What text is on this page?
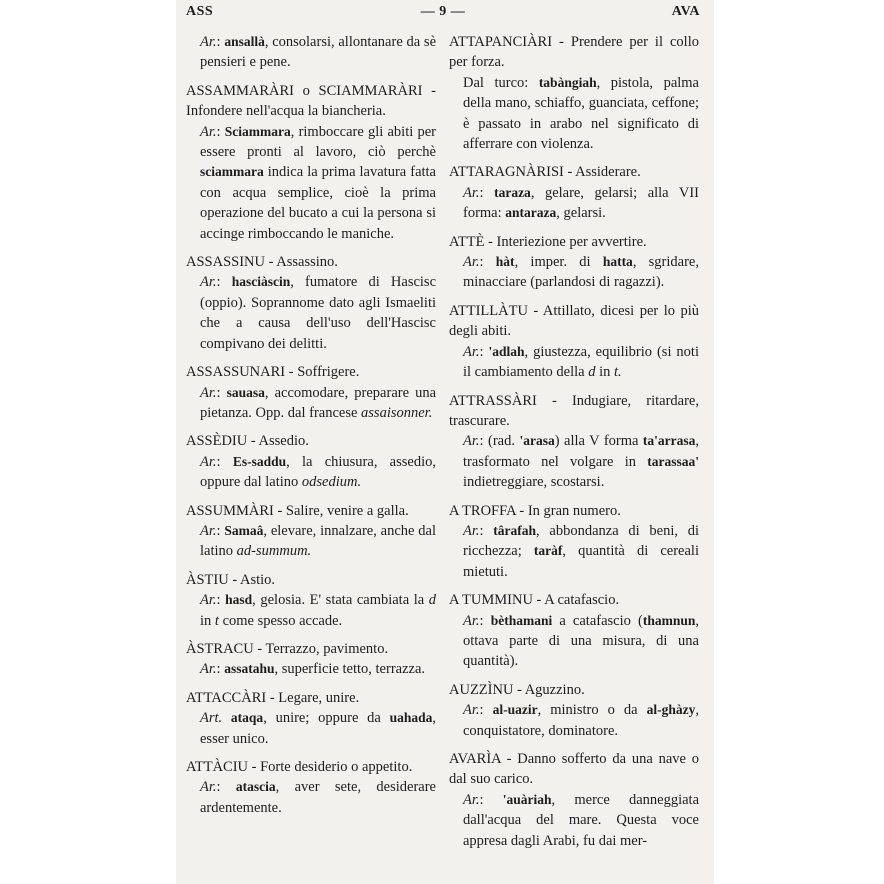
ASS	— 9 —	AVA

Ar.: ansallà, consolarsi, allontanare da sè pensieri e pene.

ASSAMMARÀRI o SCIAMMARÀRI - Infondere nell'acqua la biancheria.

Ar.: Sciammara, rimboccare gli abiti per essere pronti al lavoro, ciò perchè sciammara indica la prima lavatura fatta con acqua semplice, cioè la prima operazione del bucato a cui la persona si accinge rimboccando le maniche.

ASSASSINU - Assassino.

Ar.: hasciàscin, fumatore di Hascisc (oppio). Soprannome dato agli Ismaeliti che a causa dell'uso dell'Hascisc compivano dei delitti.

ASSASSUNARI - Soffrigere.

Ar.: sauasa, accomodare, preparare una pietanza. Opp. dal francese assaisonner.

ASSÈDIU - Assedio.

Ar.: Es-saddu, la chiusura, assedio, oppure dal latino odsedium.

ASSUMMÀRI - Salire, venire a galla.

Ar.: Samaâ, elevare, innalzare, anche dal latino ad-summum.

ÀSTIU - Astio.

Ar.: hasd, gelosia. E' stata cambiata la d in t come spesso accade.

ÀSTRACU - Terrazzo, pavimento.

Ar.: assatahu, superficie tetto, terrazza.

ATTACCÀRI - Legare, unire.

Art. ataqa, unire; oppure da uahada, esser unico.

ATTÀCIU - Forte desiderio o appetito.

Ar.: atascia, aver sete, desiderare ardentemente.

ATTAPANCIÀRI - Prendere per il collo per forza.

Dal turco: tabàngiah, pistola, palma della mano, schiaffo, guanciata, ceffone; è passato in arabo nel significato di afferrare con violenza.

ATTARAGNÀRISI - Assiderare.

Ar.: taraza, gelare, gelarsi; alla VII forma: antaraza, gelarsi.

ATTÈ - Interiezione per avvertire.

Ar.: hàt, imper. di hatta, sgridare, minacciare (parlandosi di ragazzi).

ATTILLÀTU - Attillato, dicesi per lo più degli abiti.

Ar.: 'adlah, giustezza, equilibrio (si noti il cambiamento della d in t.

ATTRASSÀRI - Indugiare, ritardare, trascurare.

Ar.: (rad. 'arasa) alla V forma ta'arrasa, trasformato nel volgare in tarassaa' indietreggiare, scostarsi.

A TROFFA - In gran numero.

Ar.: târafah, abbondanza di beni, di ricchezza; taràf, quantità di cereali mietuti.

A TUMMINU - A catafascio.

Ar.: bèthamani a catafascio (thamnun, ottava parte di una misura, di una quantità).

AUZZÌNU - Aguzzino.

Ar.: al-uazir, ministro o da al-ghàzy, conquistatore, dominatore.

AVARÌA - Danno sofferto da una nave o dal suo carico.

Ar.: 'auàriah, merce danneggiata dall'acqua del mare. Questa voce appresa dagli Arabi, fu dai mer-
